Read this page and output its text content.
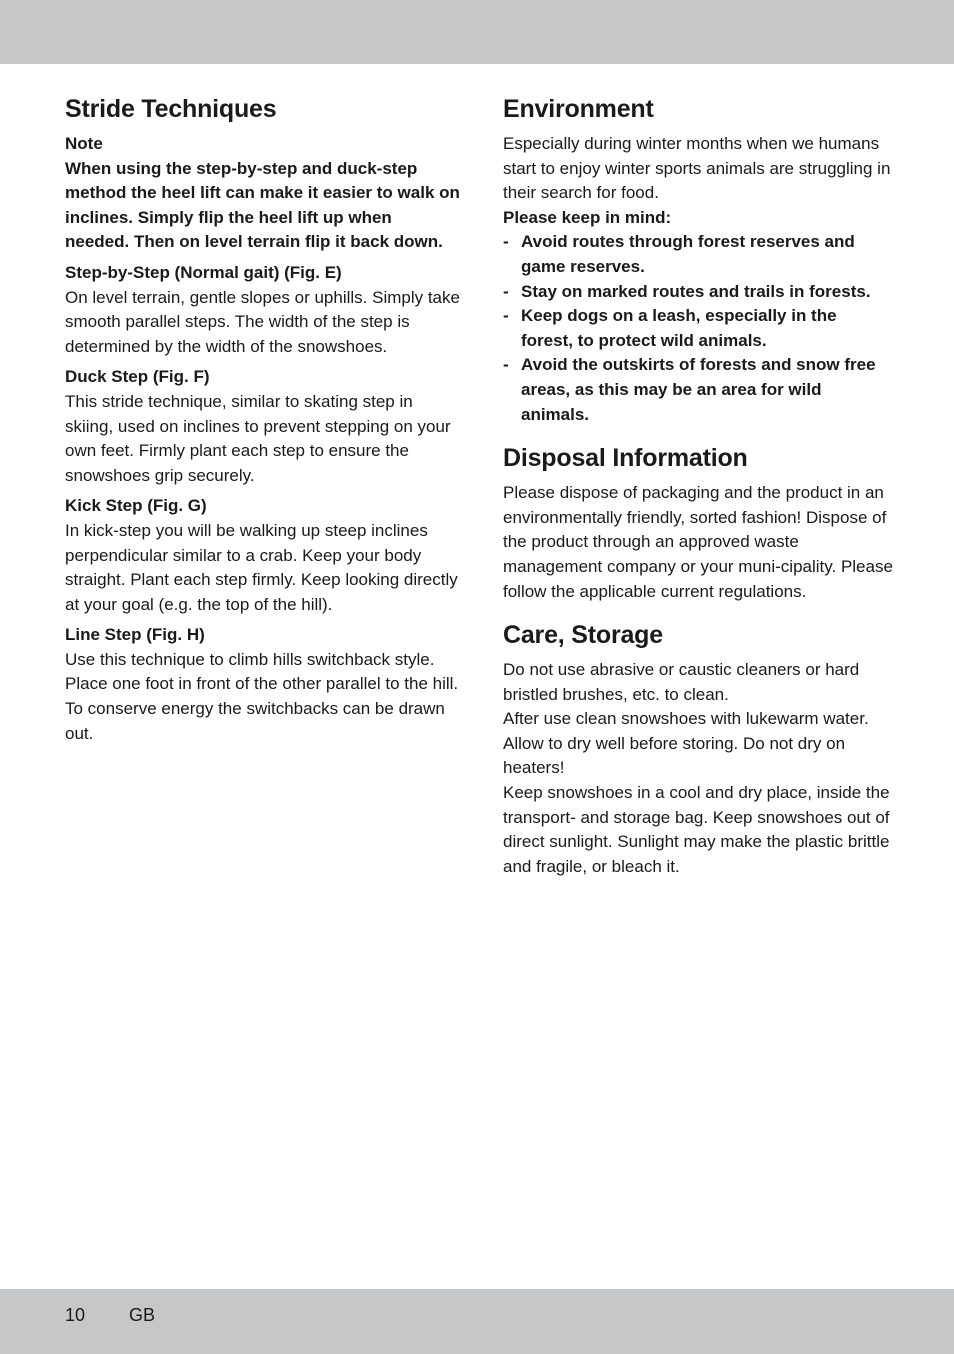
Stride Techniques

Note

When using the step-by-step and duck-step method the heel lift can make it easier to walk on inclines. Simply flip the heel lift up when needed. Then on level terrain flip it back down.

Step-by-Step (Normal gait) (Fig. E)

On level terrain, gentle slopes or uphills. Simply take smooth parallel steps. The width of the step is determined by the width of the snowshoes.

Duck Step (Fig. F)

This stride technique, similar to skating step in skiing, used on inclines to prevent stepping on your own feet. Firmly plant each step to ensure the snowshoes grip securely.

Kick Step (Fig. G)

In kick-step you will be walking up steep inclines perpendicular similar to a crab. Keep your body straight. Plant each step firmly. Keep looking directly at your goal (e.g. the top of the hill).

Line Step (Fig. H)

Use this technique to climb hills switchback style. Place one foot in front of the other parallel to the hill. To conserve energy the switchbacks can be drawn out.

Environment

Especially during winter months when we humans start to enjoy winter sports animals are struggling in their search for food.

Please keep in mind:

- Avoid routes through forest reserves and game reserves.
- Stay on marked routes and trails in forests.
- Keep dogs on a leash, especially in the forest, to protect wild animals.
- Avoid the outskirts of forests and snow free areas, as this may be an area for wild animals.
Disposal Information

Please dispose of packaging and the product in an environmentally friendly, sorted fashion! Dispose of the product through an approved waste management company or your muni-cipality. Please follow the applicable current regulations.

Care, Storage

Do not use abrasive or caustic cleaners or hard bristled brushes, etc. to clean.

After use clean snowshoes with lukewarm water. Allow to dry well before storing. Do not dry on heaters!

Keep snowshoes in a cool and dry place, inside the transport- and storage bag. Keep snowshoes out of direct sunlight. Sunlight may make the plastic brittle and fragile, or bleach it.

10 GB
